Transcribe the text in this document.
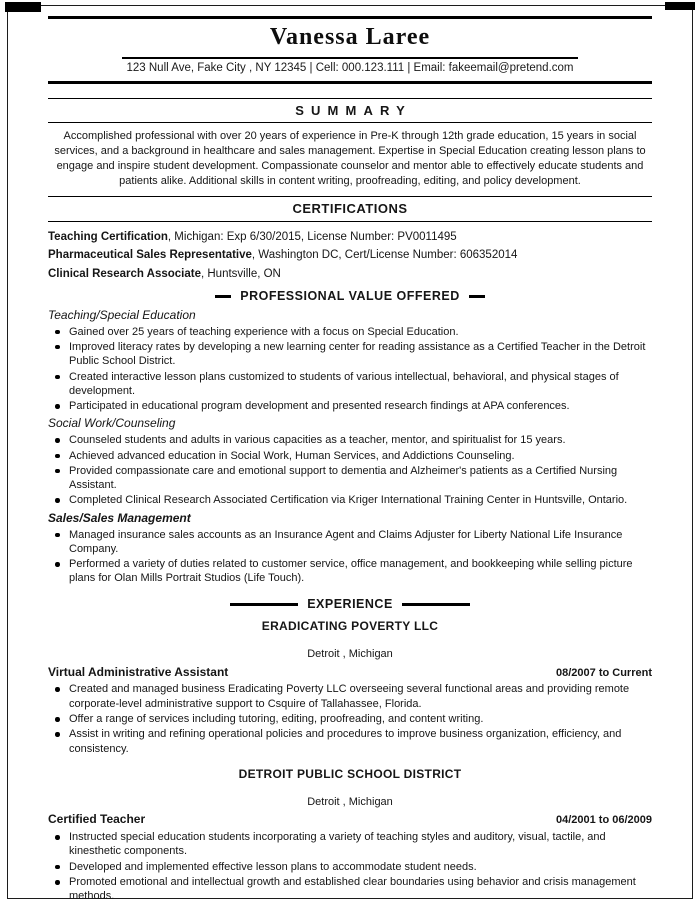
Vanessa Laree

123 Null Ave, Fake City , NY 12345 | Cell: 000.123.111 | Email: fakeemail@pretend.com

SUMMARY

Accomplished professional with over 20 years of experience in Pre-K through 12th grade education, 15 years in social services, and a background in healthcare and sales management. Expertise in Special Education creating lesson plans to engage and inspire student development. Compassionate counselor and mentor able to effectively educate students and patients alike. Additional skills in content writing, proofreading, editing, and policy development.

CERTIFICATIONS

Teaching Certification, Michigan: Exp 6/30/2015, License Number: PV0011495

Pharmaceutical Sales Representative, Washington DC, Cert/License Number: 606352014

Clinical Research Associate, Huntsville, ON

PROFESSIONAL VALUE OFFERED

Teaching/Special Education

Gained over 25 years of teaching experience with a focus on Special Education.
Improved literacy rates by developing a new learning center for reading assistance as a Certified Teacher in the Detroit Public School District.
Created interactive lesson plans customized to students of various intellectual, behavioral, and physical stages of development.
Participated in educational program development and presented research findings at APA conferences.

Social Work/Counseling

Counseled students and adults in various capacities as a teacher, mentor, and spiritualist for 15 years.
Achieved advanced education in Social Work, Human Services, and Addictions Counseling.
Provided compassionate care and emotional support to dementia and Alzheimer's patients as a Certified Nursing Assistant.
Completed Clinical Research Associated Certification via Kriger International Training Center in Huntsville, Ontario.

Sales/Sales Management

Managed insurance sales accounts as an Insurance Agent and Claims Adjuster for Liberty National Life Insurance Company.
Performed a variety of duties related to customer service, office management, and bookkeeping while selling picture plans for Olan Mills Portrait Studios (Life Touch).
EXPERIENCE

ERADICATING POVERTY LLC

Detroit , Michigan

Virtual Administrative Assistant	08/2007 to Current
Created and managed business Eradicating Poverty LLC overseeing several functional areas and providing remote corporate-level administrative support to Csquire of Tallahassee, Florida.
Offer a range of services including tutoring, editing, proofreading, and content writing.
Assist in writing and refining operational policies and procedures to improve business organization, efficiency, and consistency.

DETROIT PUBLIC SCHOOL DISTRICT

Detroit , Michigan

Certified Teacher	04/2001 to 06/2009
Instructed special education students incorporating a variety of teaching styles and auditory, visual, tactile, and kinesthetic components.
Developed and implemented effective lesson plans to accommodate student needs.
Promoted emotional and intellectual growth and established clear boundaries using behavior and crisis management methods.
